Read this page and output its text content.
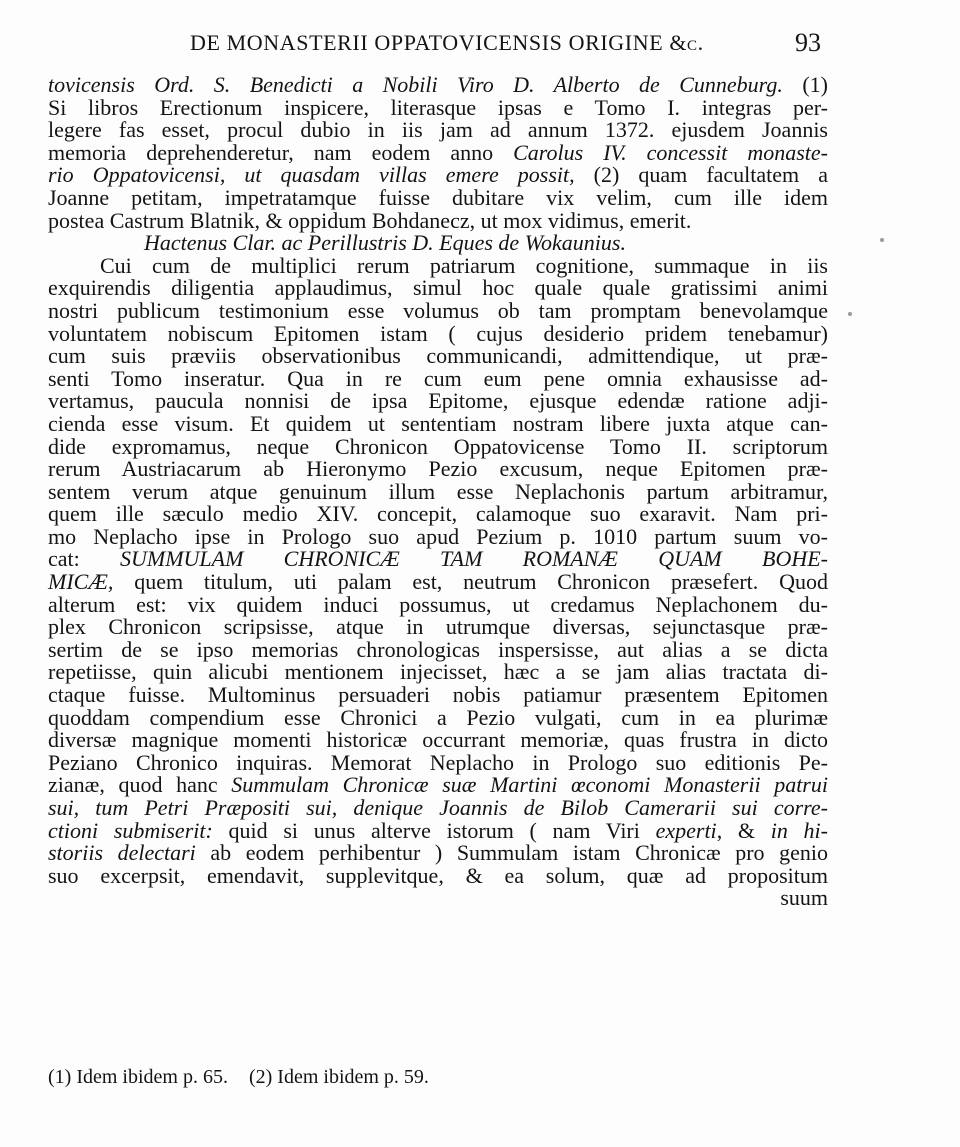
DE MONASTERII OPPATOVICENSIS ORIGINE &c.	93
tovicensis Ord. S. Benedicti a Nobili Viro D. Alberto de Cunneburg. (1)
Si libros Erectionum inspicere, literasque ipsas e Tomo I. integras per-
legere fas esset, procul dubio in iis jam ad annum 1372. ejusdem Joannis
memoria deprehenderetur, nam eodem anno Carolus IV. concessit monaste-
rio Oppatovicensi, ut quasdam villas emere possit, (2) quam facultatem a
Joanne petitam, impetratamque fuisse dubitare vix velim, cum ille idem
postea Castrum Blatnik, & oppidum Bohdanecz, ut mox vidimus, emerit.
Hactenus Clar. ac Perillustris D. Eques de Wokaunius.
Cui cum de multiplici rerum patriarum cognitione, summaque in iis
exquirendis diligentia applaudimus, simul hoc quale quale gratissimi animi
nostri publicum testimonium esse volumus ob tam promptam benevolamque
voluntatem nobiscum Epitomen istam ( cujus desiderio pridem tenebamur)
cum suis præviis observationibus communicandi, admittendique, ut præ-
senti Tomo inseratur. Qua in re cum eum pene omnia exhausisse ad-
vertamus, paucula nonnisi de ipsa Epitome, ejusque edendæ ratione adji-
cienda esse visum. Et quidem ut sententiam nostram libere juxta atque can-
dide expromamus, neque Chronicon Oppatovicense Tomo II. scriptorum
rerum Austriacarum ab Hieronymo Pezio excusum, neque Epitomen præ-
sentem verum atque genuinum illum esse Neplachonis partum arbitramur,
quem ille sæculo medio XIV. concepit, calamoque suo exaravit. Nam pri-
mo Neplacho ipse in Prologo suo apud Pezium p. 1010 partum suum vo-
cat: SUMMULAM CHRONICÆ TAM ROMANÆ QUAM BOHE-
MICÆ, quem titulum, uti palam est, neutrum Chronicon præsefert. Quod
alterum est: vix quidem induci possumus, ut credamus Neplachonem du-
plex Chronicon scripsisse, atque in utrumque diversas, sejunctasque præ-
sertim de se ipso memorias chronologicas inspersisse, aut alias a se dicta
repetiisse, quin alicubi mentionem injecisset, hæc a se jam alias tractata di-
ctaque fuisse. Multominus persuaderi nobis patiamur præsentem Epitomen
quoddam compendium esse Chronici a Pezio vulgati, cum in ea plurimæ
diversæ magnique momenti historicæ occurrant memoriæ, quas frustra in dicto
Peziano Chronico inquiras. Memorat Neplacho in Prologo suo editionis Pe-
zianæ, quod hanc Summulam Chronicæ suæ Martini œconomi Monasterii patrui
sui, tum Petri Præpositi sui, denique Joannis de Bilob Camerarii sui corre-
ctioni submiserit: quid si unus alterve istorum ( nam Viri experti, & in hi-
storiis delectari ab eodem perhibentur ) Summulam istam Chronicæ pro genio
suo excerpsit, emendavit, supplevitque, & ea solum, quæ ad propositum
suum
(1) Idem ibidem p. 65. (2) Idem ibidem p. 59.
